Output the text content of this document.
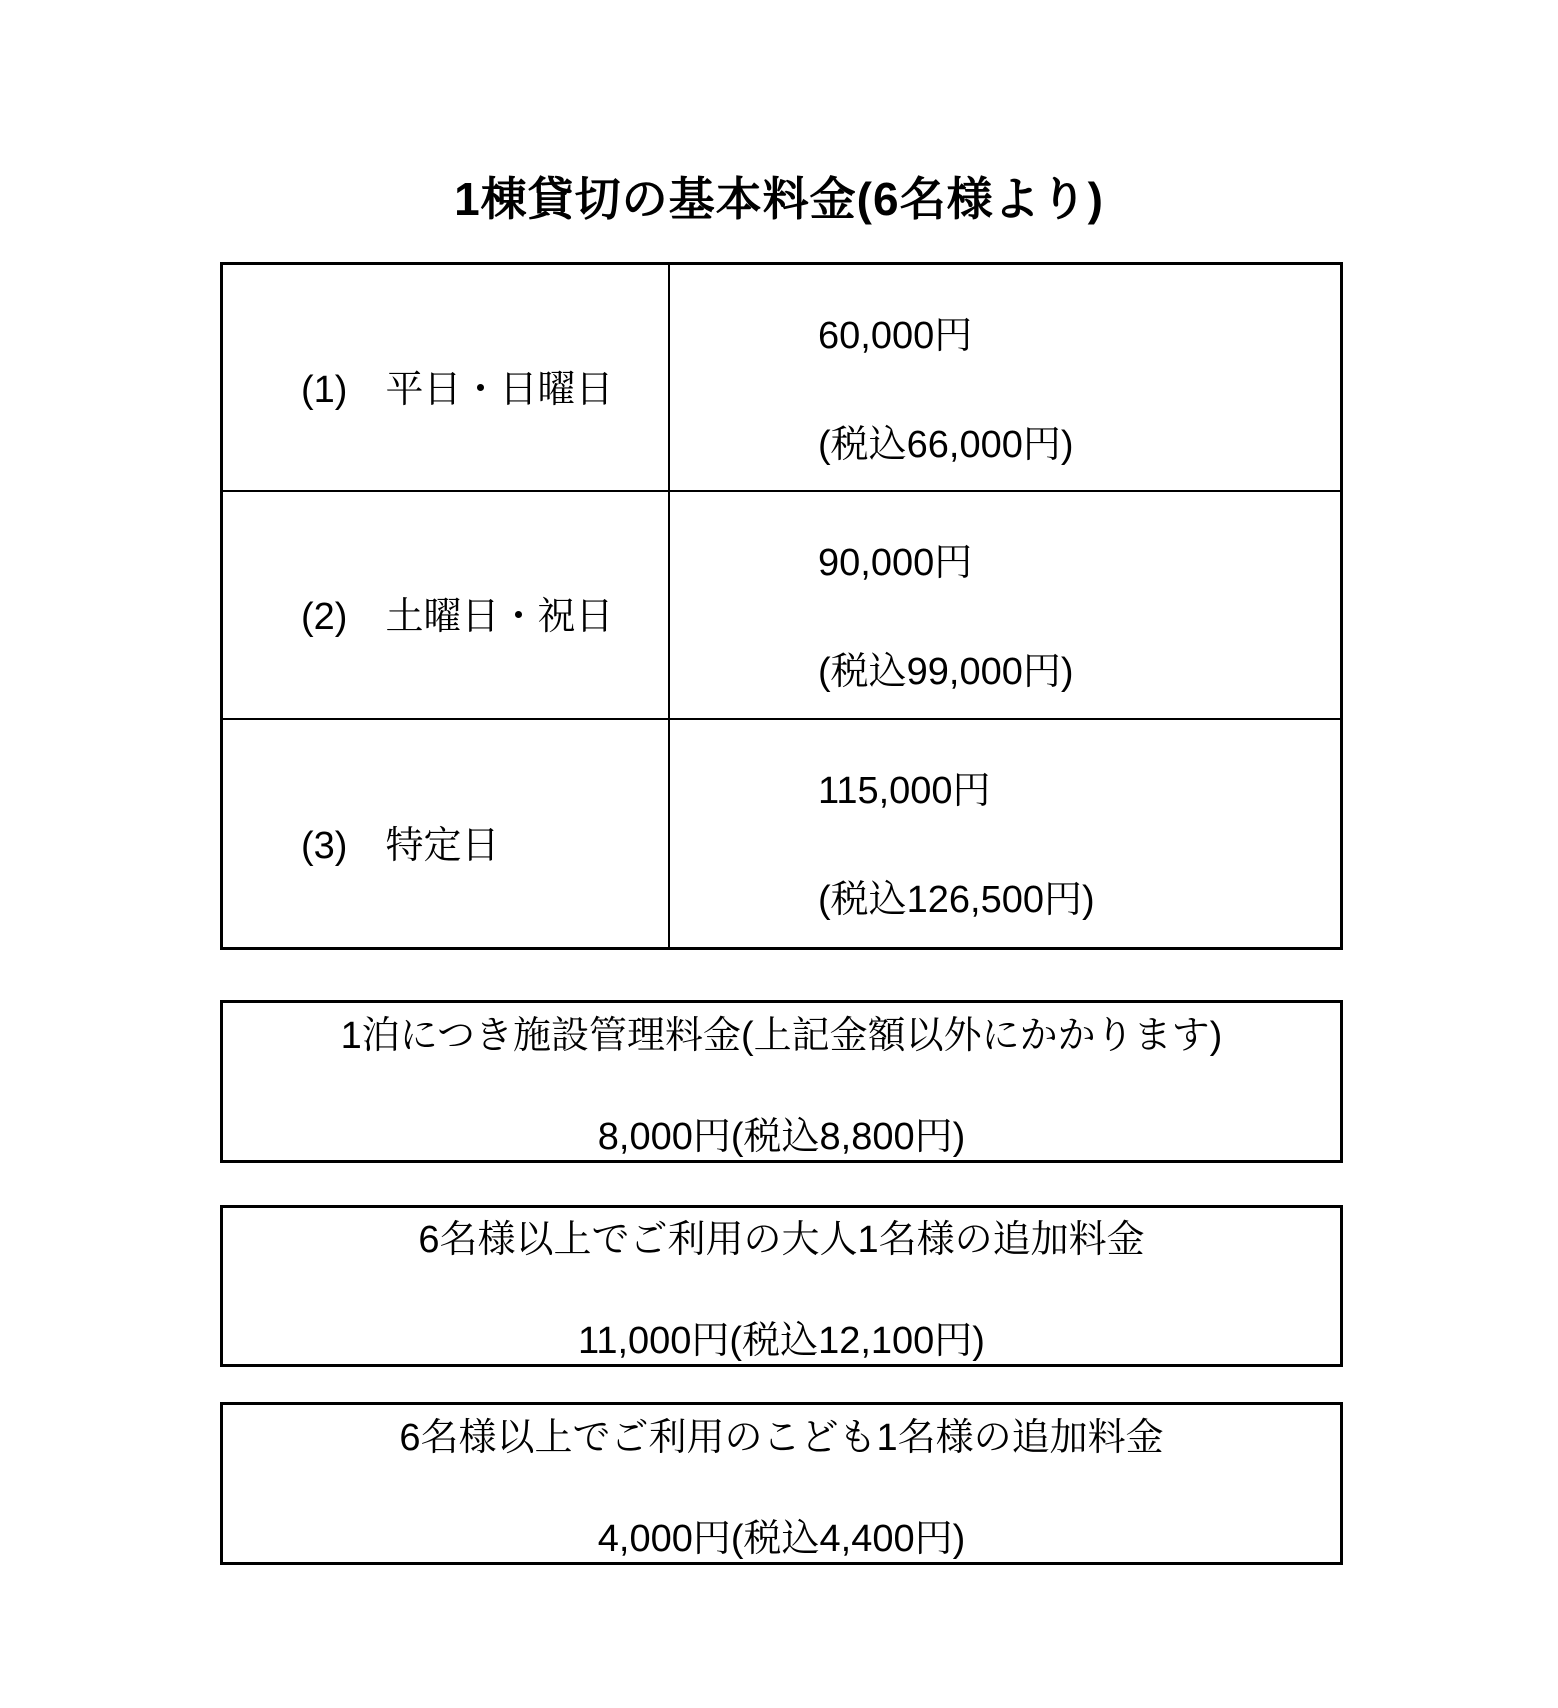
1棟貸切の基本料金(6名様より)
(1)　平日・日曜日
60,000円
(税込66,000円)
(2)　土曜日・祝日
90,000円
(税込99,000円)
(3)　特定日
115,000円
(税込126,500円)
1泊につき施設管理料金(上記金額以外にかかります)
8,000円(税込8,800円)
6名様以上でご利用の大人1名様の追加料金
11,000円(税込12,100円)
6名様以上でご利用のこども1名様の追加料金
4,000円(税込4,400円)
